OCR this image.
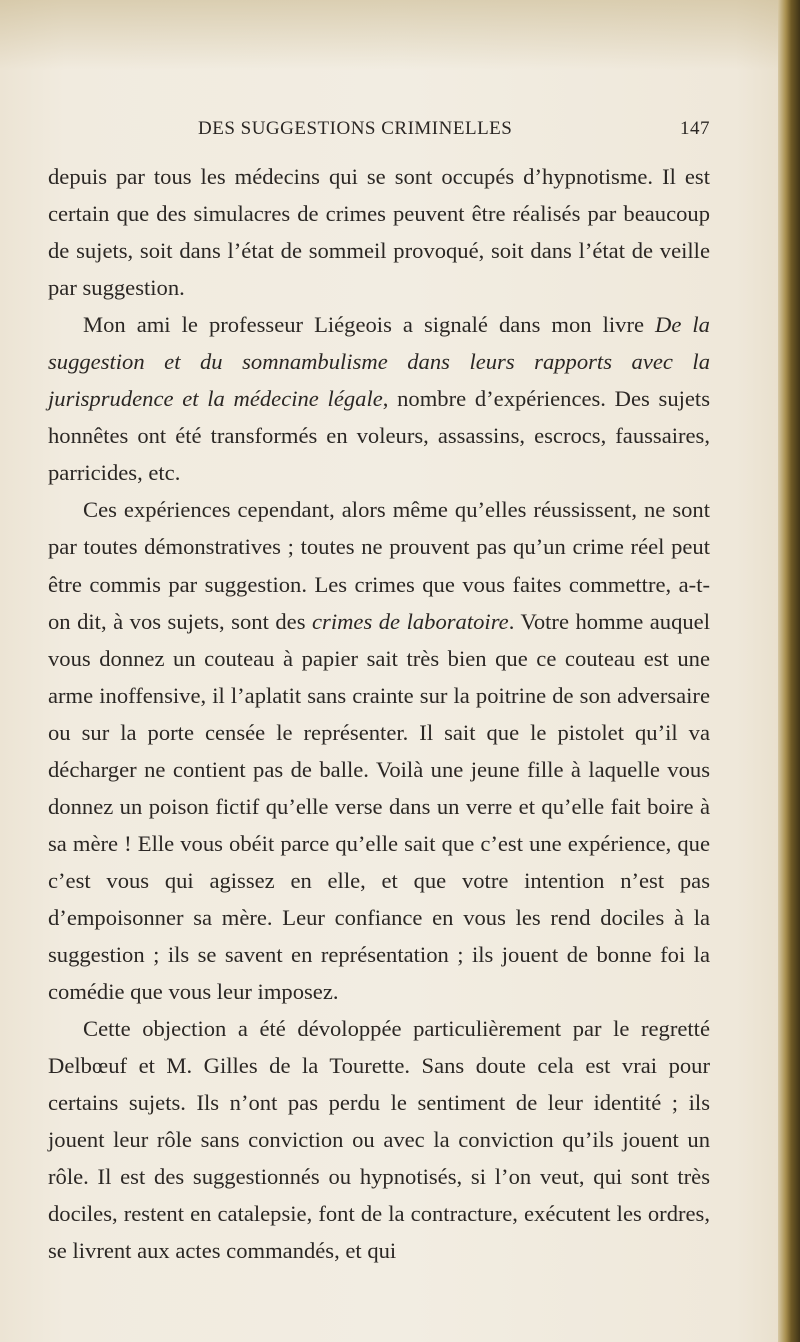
DES SUGGESTIONS CRIMINELLES	147

depuis par tous les médecins qui se sont occupés d’hypnotisme. Il est certain que des simulacres de crimes peuvent être réalisés par beaucoup de sujets, soit dans l’état de sommeil provoqué, soit dans l’état de veille par suggestion.

Mon ami le professeur Liégeois a signalé dans mon livre De la suggestion et du somnambulisme dans leurs rapports avec la jurisprudence et la médecine légale, nombre d’expériences. Des sujets honnêtes ont été transformés en voleurs, assassins, escrocs, faussaires, parricides, etc.

Ces expériences cependant, alors même qu’elles réussissent, ne sont par toutes démonstratives ; toutes ne prouvent pas qu’un crime réel peut être commis par suggestion. Les crimes que vous faites commettre, a-t-on dit, à vos sujets, sont des crimes de laboratoire. Votre homme auquel vous donnez un couteau à papier sait très bien que ce couteau est une arme inoffensive, il l’aplatit sans crainte sur la poitrine de son adversaire ou sur la porte censée le représenter. Il sait que le pistolet qu’il va décharger ne contient pas de balle. Voilà une jeune fille à laquelle vous donnez un poison fictif qu’elle verse dans un verre et qu’elle fait boire à sa mère ! Elle vous obéit parce qu’elle sait que c’est une expérience, que c’est vous qui agissez en elle, et que votre intention n’est pas d’empoisonner sa mère. Leur confiance en vous les rend dociles à la suggestion ; ils se savent en représentation ; ils jouent de bonne foi la comédie que vous leur imposez.

Cette objection a été dévoloppée particulièrement par le regretté Delbœuf et M. Gilles de la Tourette. Sans doute cela est vrai pour certains sujets. Ils n’ont pas perdu le sentiment de leur identité ; ils jouent leur rôle sans conviction ou avec la conviction qu’ils jouent un rôle. Il est des suggestionnés ou hypnotisés, si l’on veut, qui sont très dociles, restent en catalepsie, font de la contracture, exécutent les ordres, se livrent aux actes commandés, et qui
